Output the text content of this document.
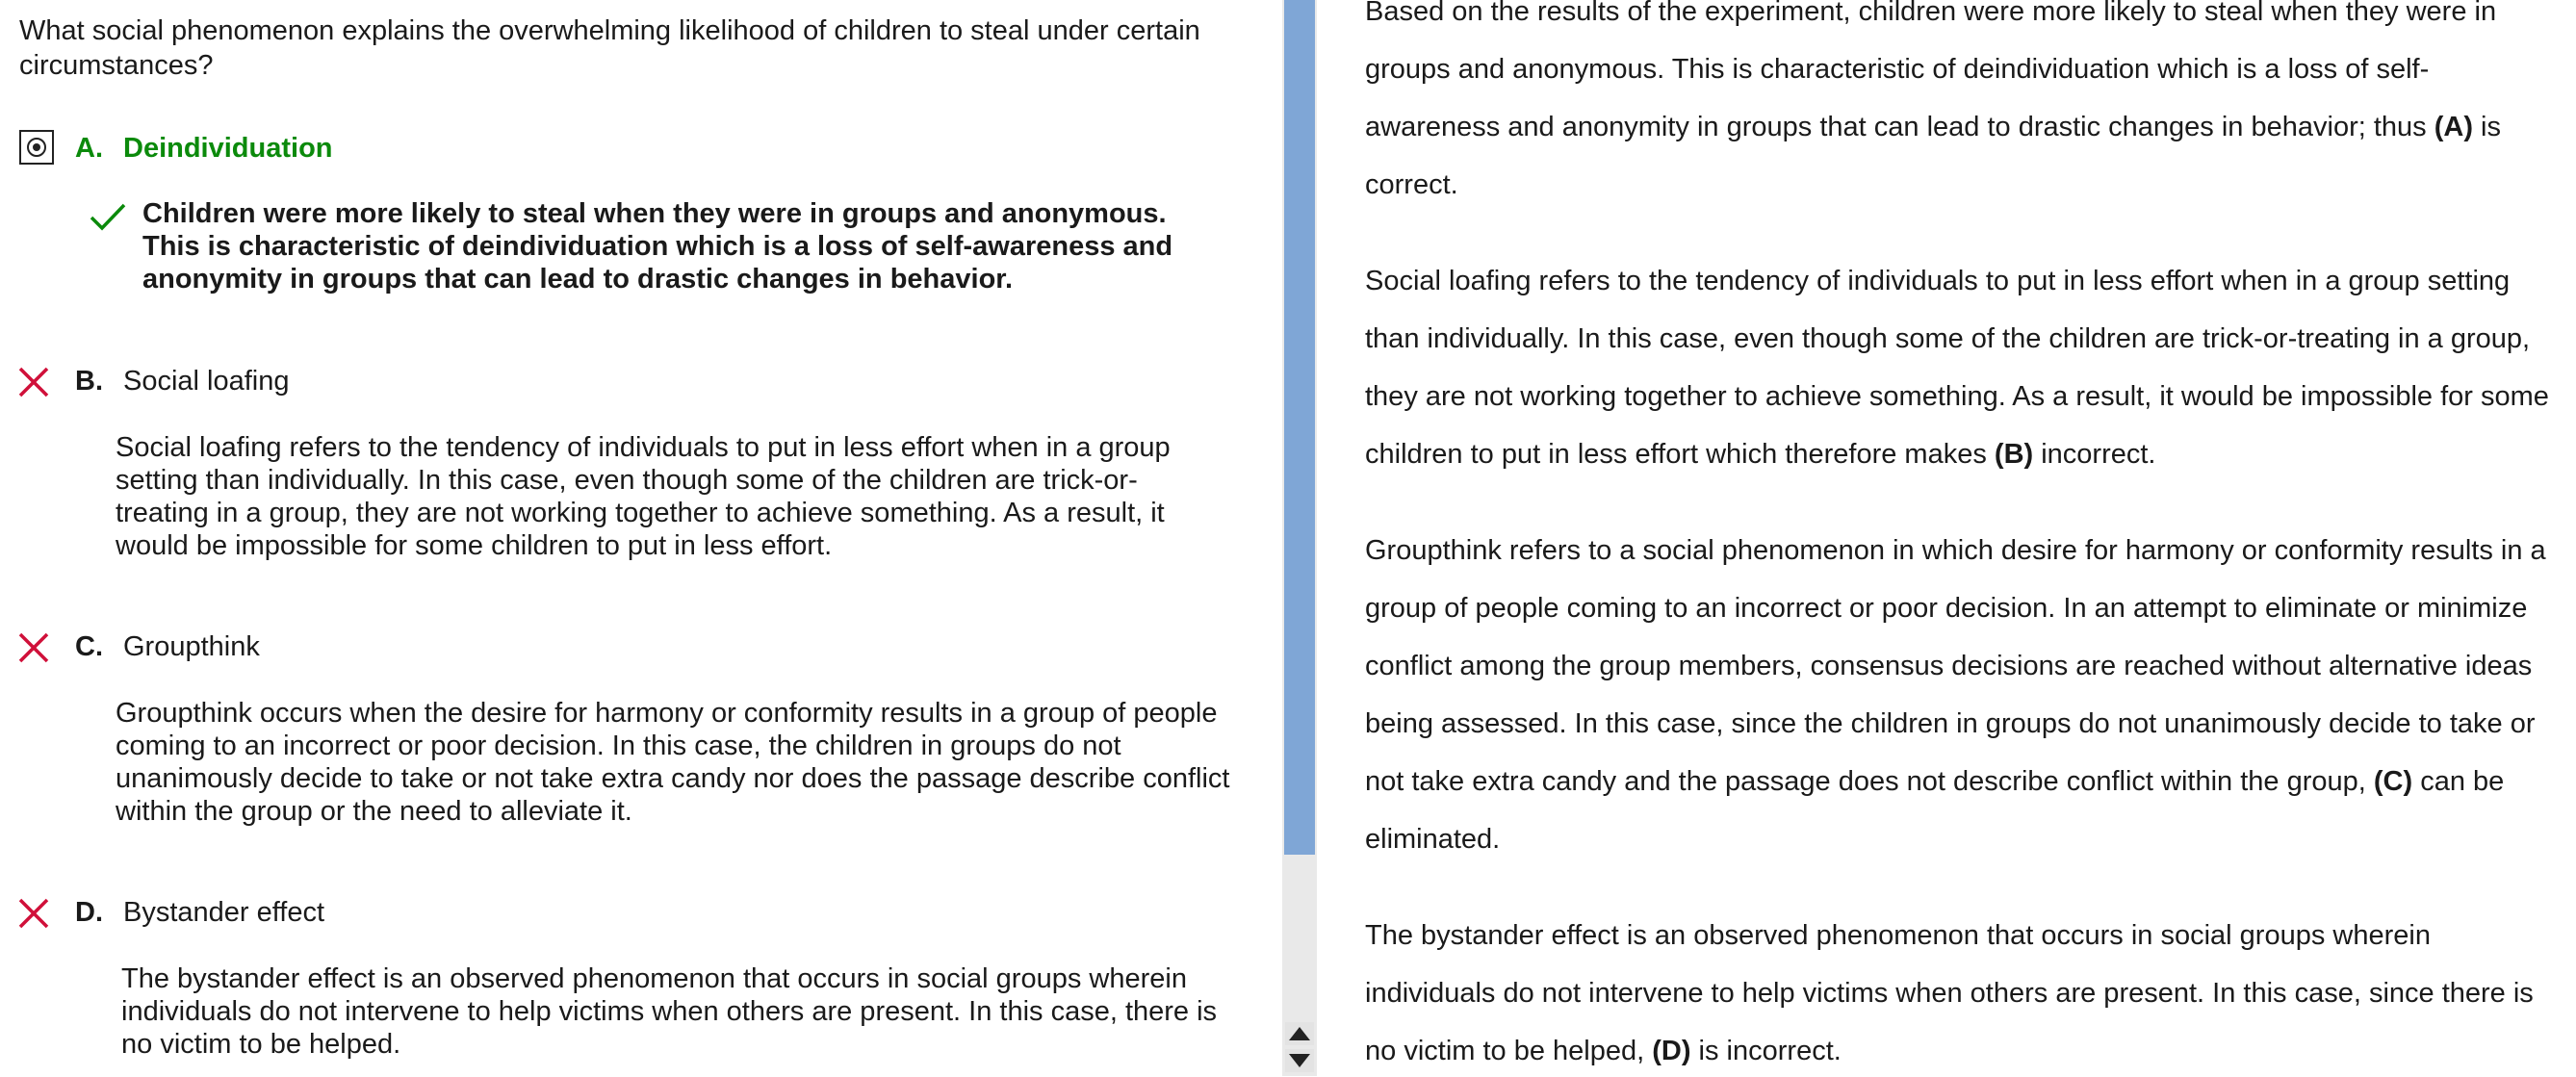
What social phenomenon explains the overwhelming likelihood of children to steal under certain circumstances?
A. Deindividuation
Children were more likely to steal when they were in groups and anonymous. This is characteristic of deindividuation which is a loss of self-awareness and anonymity in groups that can lead to drastic changes in behavior.
B. Social loafing
Social loafing refers to the tendency of individuals to put in less effort when in a group setting than individually. In this case, even though some of the children are trick-or-treating in a group, they are not working together to achieve something. As a result, it would be impossible for some children to put in less effort.
C. Groupthink
Groupthink occurs when the desire for harmony or conformity results in a group of people coming to an incorrect or poor decision. In this case, the children in groups do not unanimously decide to take or not take extra candy nor does the passage describe conflict within the group or the need to alleviate it.
D. Bystander effect
The bystander effect is an observed phenomenon that occurs in social groups wherein individuals do not intervene to help victims when others are present. In this case, there is no victim to be helped.
Based on the results of the experiment, children were more likely to steal when they were in groups and anonymous. This is characteristic of deindividuation which is a loss of self-awareness and anonymity in groups that can lead to drastic changes in behavior; thus (A) is correct.
Social loafing refers to the tendency of individuals to put in less effort when in a group setting than individually. In this case, even though some of the children are trick-or-treating in a group, they are not working together to achieve something. As a result, it would be impossible for some children to put in less effort which therefore makes (B) incorrect.
Groupthink refers to a social phenomenon in which desire for harmony or conformity results in a group of people coming to an incorrect or poor decision. In an attempt to eliminate or minimize conflict among the group members, consensus decisions are reached without alternative ideas being assessed. In this case, since the children in groups do not unanimously decide to take or not take extra candy and the passage does not describe conflict within the group, (C) can be eliminated.
The bystander effect is an observed phenomenon that occurs in social groups wherein individuals do not intervene to help victims when others are present. In this case, since there is no victim to be helped, (D) is incorrect.
